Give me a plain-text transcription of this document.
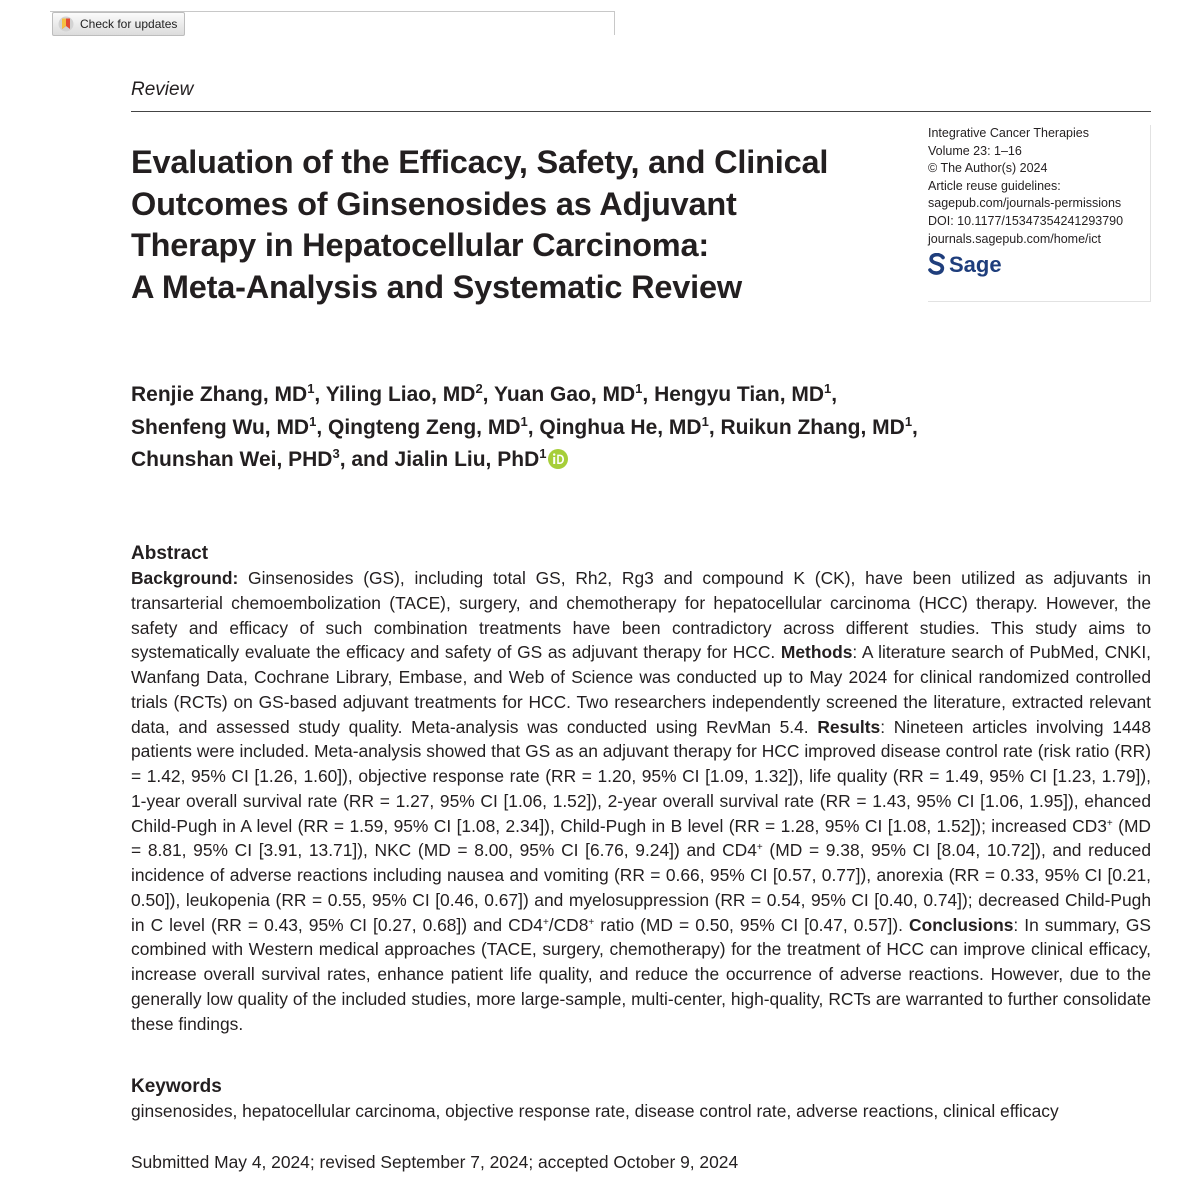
Check for updates
Review
Evaluation of the Efficacy, Safety, and Clinical
Outcomes of Ginsenosides as Adjuvant
Therapy in Hepatocellular Carcinoma:
A Meta-Analysis and Systematic Review
Integrative Cancer Therapies
Volume 23: 1–16
© The Author(s) 2024
Article reuse guidelines:
sagepub.com/journals-permissions
DOI: 10.1177/15347354241293790
journals.sagepub.com/home/ict
Sage
Renjie Zhang, $MD^1$, Yiling Liao, $MD^2$, Yuan Gao, $MD^1$, Hengyu Tian, $MD^1$,
Shenfeng Wu, $MD^1$, Qingteng Zeng, $MD^1$, Qinghua He, $MD^1$, Ruikun Zhang, $MD^1$,
Chunshan Wei, PHD$^3$, and Jialin Liu, PhD$^1$
Abstract

Background: Ginsenosides (GS), including total GS, Rh2, Rg3 and compound K (CK), have been utilized as adjuvants in transarterial chemoembolization (TACE), surgery, and chemotherapy for hepatocellular carcinoma (HCC) therapy. However, the safety and efficacy of such combination treatments have been contradictory across different studies. This study aims to systematically evaluate the efficacy and safety of GS as adjuvant therapy for HCC. Methods: A literature search of PubMed, CNKI, Wanfang Data, Cochrane Library, Embase, and Web of Science was conducted up to May 2024 for clinical randomized controlled trials (RCTs) on GS-based adjuvant treatments for HCC. Two researchers independently screened the literature, extracted relevant data, and assessed study quality. Meta-analysis was conducted using RevMan 5.4. Results: Nineteen articles involving 1448 patients were included. Meta-analysis showed that GS as an adjuvant therapy for HCC improved disease control rate (risk ratio (RR) = 1.42, 95% CI [1.26, 1.60]), objective response rate (RR = 1.20, 95% CI [1.09, 1.32]), life quality (RR = 1.49, 95% CI [1.23, 1.79]), 1-year overall survival rate (RR = 1.27, 95% CI [1.06, 1.52]), 2-year overall survival rate (RR = 1.43, 95% CI [1.06, 1.95]), ehanced Child-Pugh in A level (RR = 1.59, 95% CI [1.08, 2.34]), Child-Pugh in B level (RR = 1.28, 95% CI [1.08, 1.52]); increased CD3+ (MD = 8.81, 95% CI [3.91, 13.71]), NKC (MD = 8.00, 95% CI [6.76, 9.24]) and CD4+ (MD = 9.38, 95% CI [8.04, 10.72]), and reduced incidence of adverse reactions including nausea and vomiting (RR = 0.66, 95% CI [0.57, 0.77]), anorexia (RR = 0.33, 95% CI [0.21, 0.50]), leukopenia (RR = 0.55, 95% CI [0.46, 0.67]) and myelosuppression (RR = 0.54, 95% CI [0.40, 0.74]); decreased Child-Pugh in C level (RR = 0.43, 95% CI [0.27, 0.68]) and CD4+/CD8+ ratio (MD = 0.50, 95% CI [0.47, 0.57]). Conclusions: In summary, GS combined with Western medical approaches (TACE, surgery, chemotherapy) for the treatment of HCC can improve clinical efficacy, increase overall survival rates, enhance patient life quality, and reduce the occurrence of adverse reactions. However, due to the generally low quality of the included studies, more large-sample, multi-center, high-quality, RCTs are warranted to further consolidate these findings.

Keywords

ginsenosides, hepatocellular carcinoma, objective response rate, disease control rate, adverse reactions, clinical efficacy

Submitted May 4, 2024; revised September 7, 2024; accepted October 9, 2024
